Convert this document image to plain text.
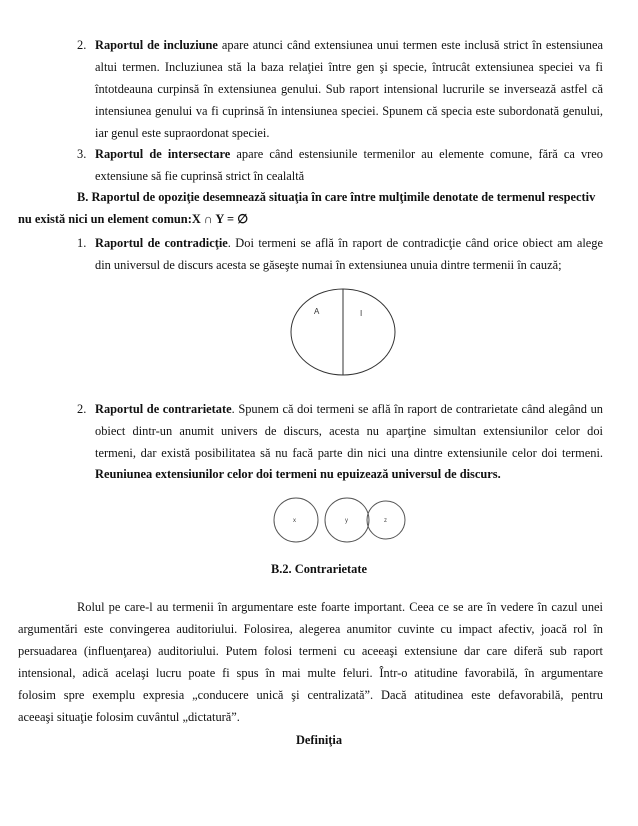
2. Raportul de incluziune apare atunci când extensiunea unui termen este inclusă strict în estensiunea
altui termen. Incluziunea stă la baza relaţiei între gen şi specie, întrucât extensiunea speciei va fi
întotdeauna curpinsă în extensiunea genului. Sub raport intensional lucrurile se inversează astfel că
intensiunea genului va fi cuprinsă în intensiunea speciei. Spunem că specia este subordonată genului,
iar genul este supraordonat speciei.
3. Raportul de intersectare apare când estensiunile termenilor au elemente comune, fără ca vreo
extensiune să fie cuprinsă strict în cealaltă
B. Raportul de opoziţie desemnează situaţia în care între mulţimile denotate de termenul respectiv
nu există nici un element comun:X ∩ Y = ∅
1. Raportul de contradicţie. Doi termeni se află în raport de contradicţie când orice obiect am alege
din universul de discurs acesta se găseşte numai în extensiunea unuia dintre termenii în cauză;
A	I
2. Raportul de contrarietate. Spunem că doi termeni se află în raport de contrarietate când alegând un
obiect dintr-un anumit univers de discurs, acesta nu aparţine simultan extensiunilor celor doi
termeni, dar există posibilitatea să nu facă parte din nici una dintre extensiunile celor doi termeni.
Reuniunea extensiunilor celor doi termeni nu epuizează universul de discurs.
x	y	z
B.2. Contrarietate
Rolul pe care-l au termenii în argumentare este foarte important. Ceea ce se are în vedere în cazul unei
argumentări este convingerea auditoriului. Folosirea, alegerea anumitor cuvinte cu impact afectiv, joacă rol în
persuadarea (influenţarea) auditoriului. Putem folosi termeni cu aceeaşi extensiune dar care diferă sub raport
intensional, adică acelaşi lucru poate fi spus în mai multe feluri. Într-o atitudine favorabilă, în argumentare
folosim spre exemplu expresia „conducere unică şi centralizată”. Dacă atitudinea este defavorabilă, pentru
aceeaşi situaţie folosim cuvântul „dictatură”.
Definiţia
